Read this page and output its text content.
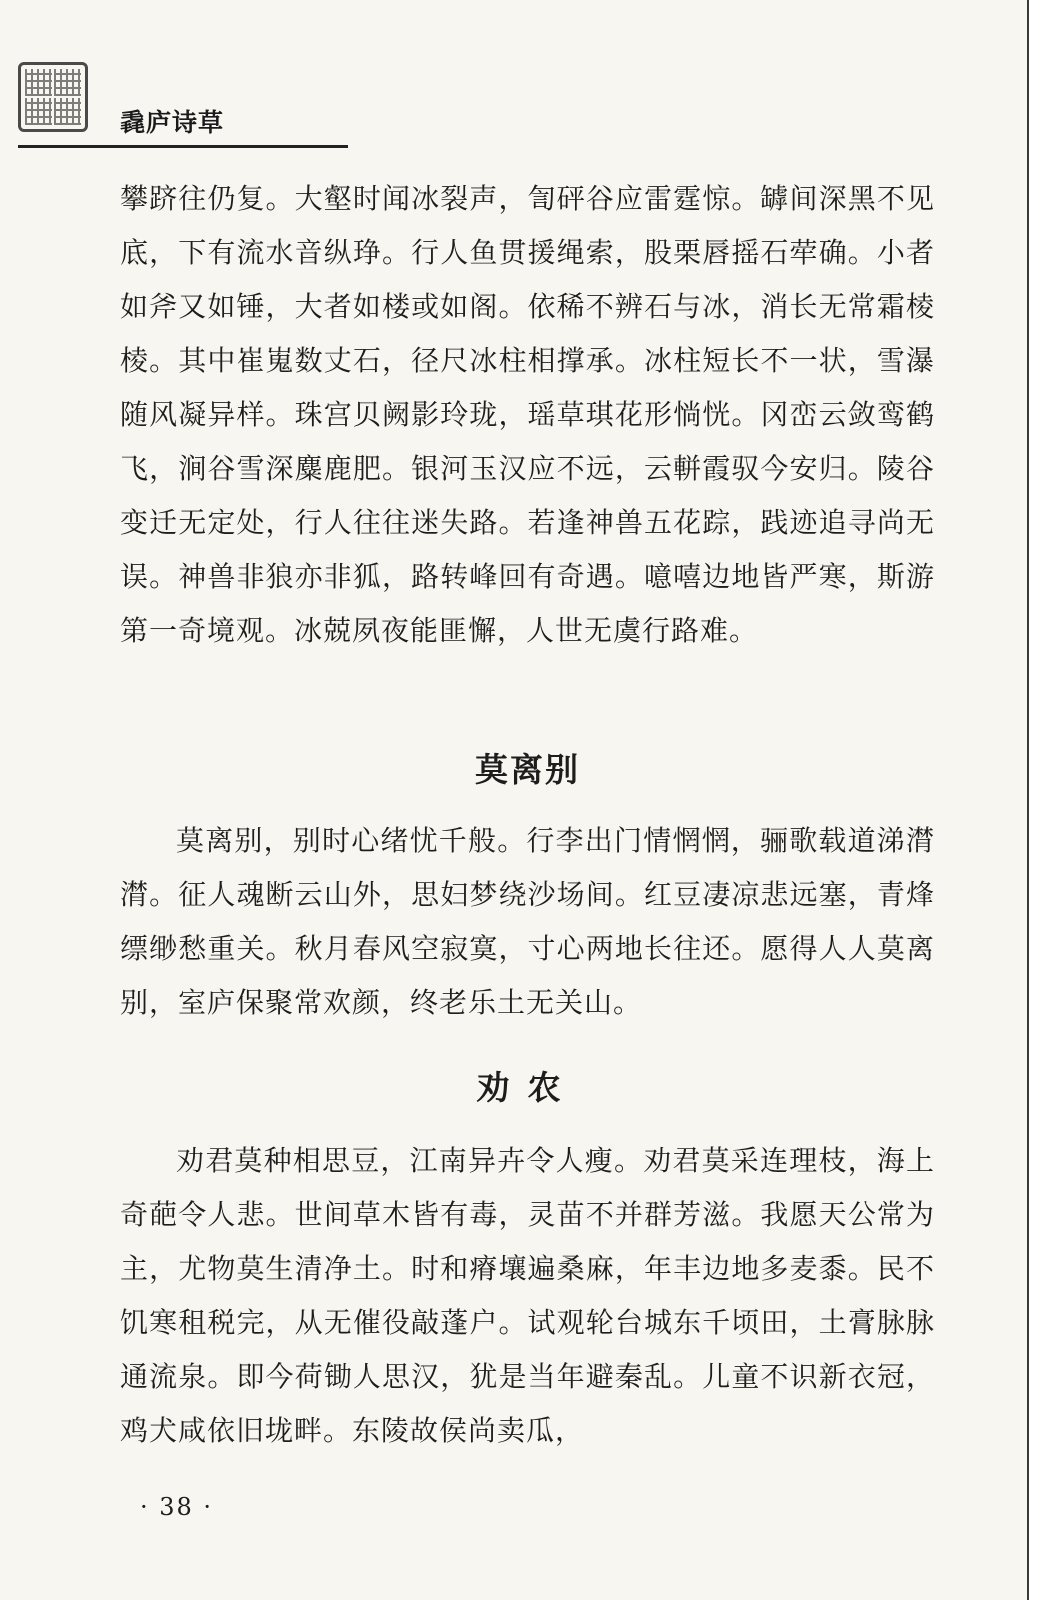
毳庐诗草

攀跻往仍复。大壑时闻冰裂声，訇砰谷应雷霆惊。罅间深黑不见底，下有流水音纵琤。行人鱼贯援绳索，股栗唇摇石荦确。小者如斧又如锤，大者如楼或如阁。依稀不辨石与冰，消长无常霜棱棱。其中崔嵬数丈石，径尺冰柱相撑承。冰柱短长不一状，雪瀑随风凝异样。珠宫贝阙影玲珑，瑶草琪花形惝恍。冈峦云敛鸾鹤飞，涧谷雪深麋鹿肥。银河玉汉应不远，云軿霞驭今安归。陵谷变迁无定处，行人往往迷失路。若逢神兽五花踪，践迹追寻尚无误。神兽非狼亦非狐，路转峰回有奇遇。噫嘻边地皆严寒，斯游第一奇境观。冰兢夙夜能匪懈，人世无虞行路难。

莫离别

莫离别，别时心绪忧千般。行李出门情惘惘，骊歌载道涕潸潸。征人魂断云山外，思妇梦绕沙场间。红豆凄凉悲远塞，青烽缥缈愁重关。秋月春风空寂寞，寸心两地长往还。愿得人人莫离别，室庐保聚常欢颜，终老乐土无关山。

劝农

劝君莫种相思豆，江南异卉令人瘦。劝君莫采连理枝，海上奇葩令人悲。世间草木皆有毒，灵苗不并群芳滋。我愿天公常为主，尤物莫生清净土。时和瘠壤遍桑麻，年丰边地多麦黍。民不饥寒租税完，从无催役敲蓬户。试观轮台城东千顷田，土膏脉脉通流泉。即今荷锄人思汉，犹是当年避秦乱。儿童不识新衣冠，鸡犬咸依旧垅畔。东陵故侯尚卖瓜，

· 38 ·
